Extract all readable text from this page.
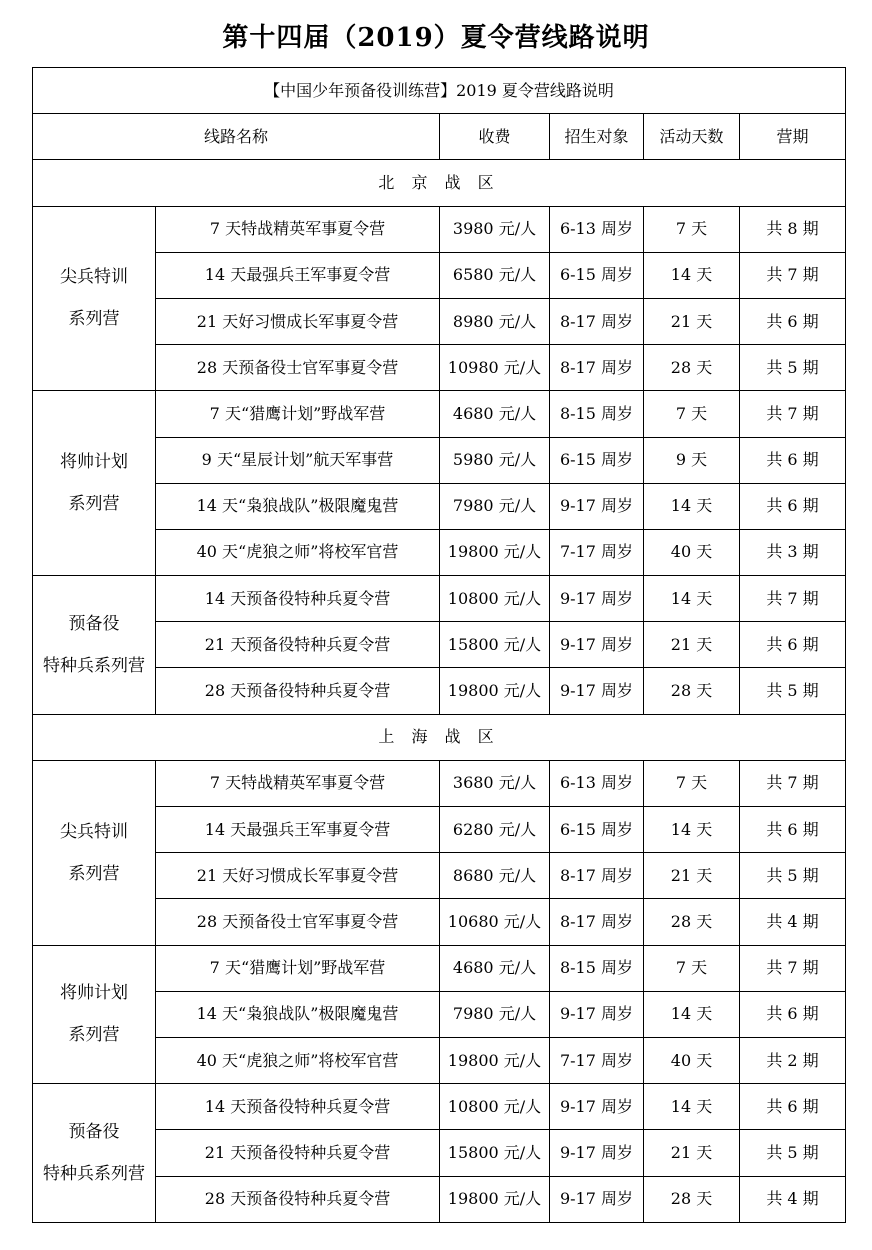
第十四届（2019）夏令营线路说明
【中国少年预备役训练营】2019 夏令营线路说明					
线路名称		收费	招生对象	活动天数	营期
北 京 战 区					

尖兵特训
系列营	7 天特战精英军事夏令营	3980 元/人	6-13 周岁	7 天	共 8 期
	14 天最强兵王军事夏令营	6580 元/人	6-15 周岁	14 天	共 7 期
	21 天好习惯成长军事夏令营	8980 元/人	8-17 周岁	21 天	共 6 期
	28 天预备役士官军事夏令营	10980 元/人	8-17 周岁	28 天	共 5 期

将帅计划
系列营	7 天“猎鹰计划”野战军营	4680 元/人	8-15 周岁	7 天	共 7 期
	9 天“星辰计划”航天军事营	5980 元/人	6-15 周岁	9 天	共 6 期
	14 天“枭狼战队”极限魔鬼营	7980 元/人	9-17 周岁	14 天	共 6 期
	40 天“虎狼之师”将校军官营	19800 元/人	7-17 周岁	40 天	共 3 期

预备役
特种兵系列营	14 天预备役特种兵夏令营	10800 元/人	9-17 周岁	14 天	共 7 期
	21 天预备役特种兵夏令营	15800 元/人	9-17 周岁	21 天	共 6 期
	28 天预备役特种兵夏令营	19800 元/人	9-17 周岁	28 天	共 5 期
上 海 战 区					

尖兵特训
系列营	7 天特战精英军事夏令营	3680 元/人	6-13 周岁	7 天	共 7 期
	14 天最强兵王军事夏令营	6280 元/人	6-15 周岁	14 天	共 6 期
	21 天好习惯成长军事夏令营	8680 元/人	8-17 周岁	21 天	共 5 期
	28 天预备役士官军事夏令营	10680 元/人	8-17 周岁	28 天	共 4 期

将帅计划
系列营	7 天“猎鹰计划”野战军营	4680 元/人	8-15 周岁	7 天	共 7 期
	14 天“枭狼战队”极限魔鬼营	7980 元/人	9-17 周岁	14 天	共 6 期
	40 天“虎狼之师”将校军官营	19800 元/人	7-17 周岁	40 天	共 2 期

预备役
特种兵系列营	14 天预备役特种兵夏令营	10800 元/人	9-17 周岁	14 天	共 6 期
	21 天预备役特种兵夏令营	15800 元/人	9-17 周岁	21 天	共 5 期
	28 天预备役特种兵夏令营	19800 元/人	9-17 周岁	28 天	共 4 期
